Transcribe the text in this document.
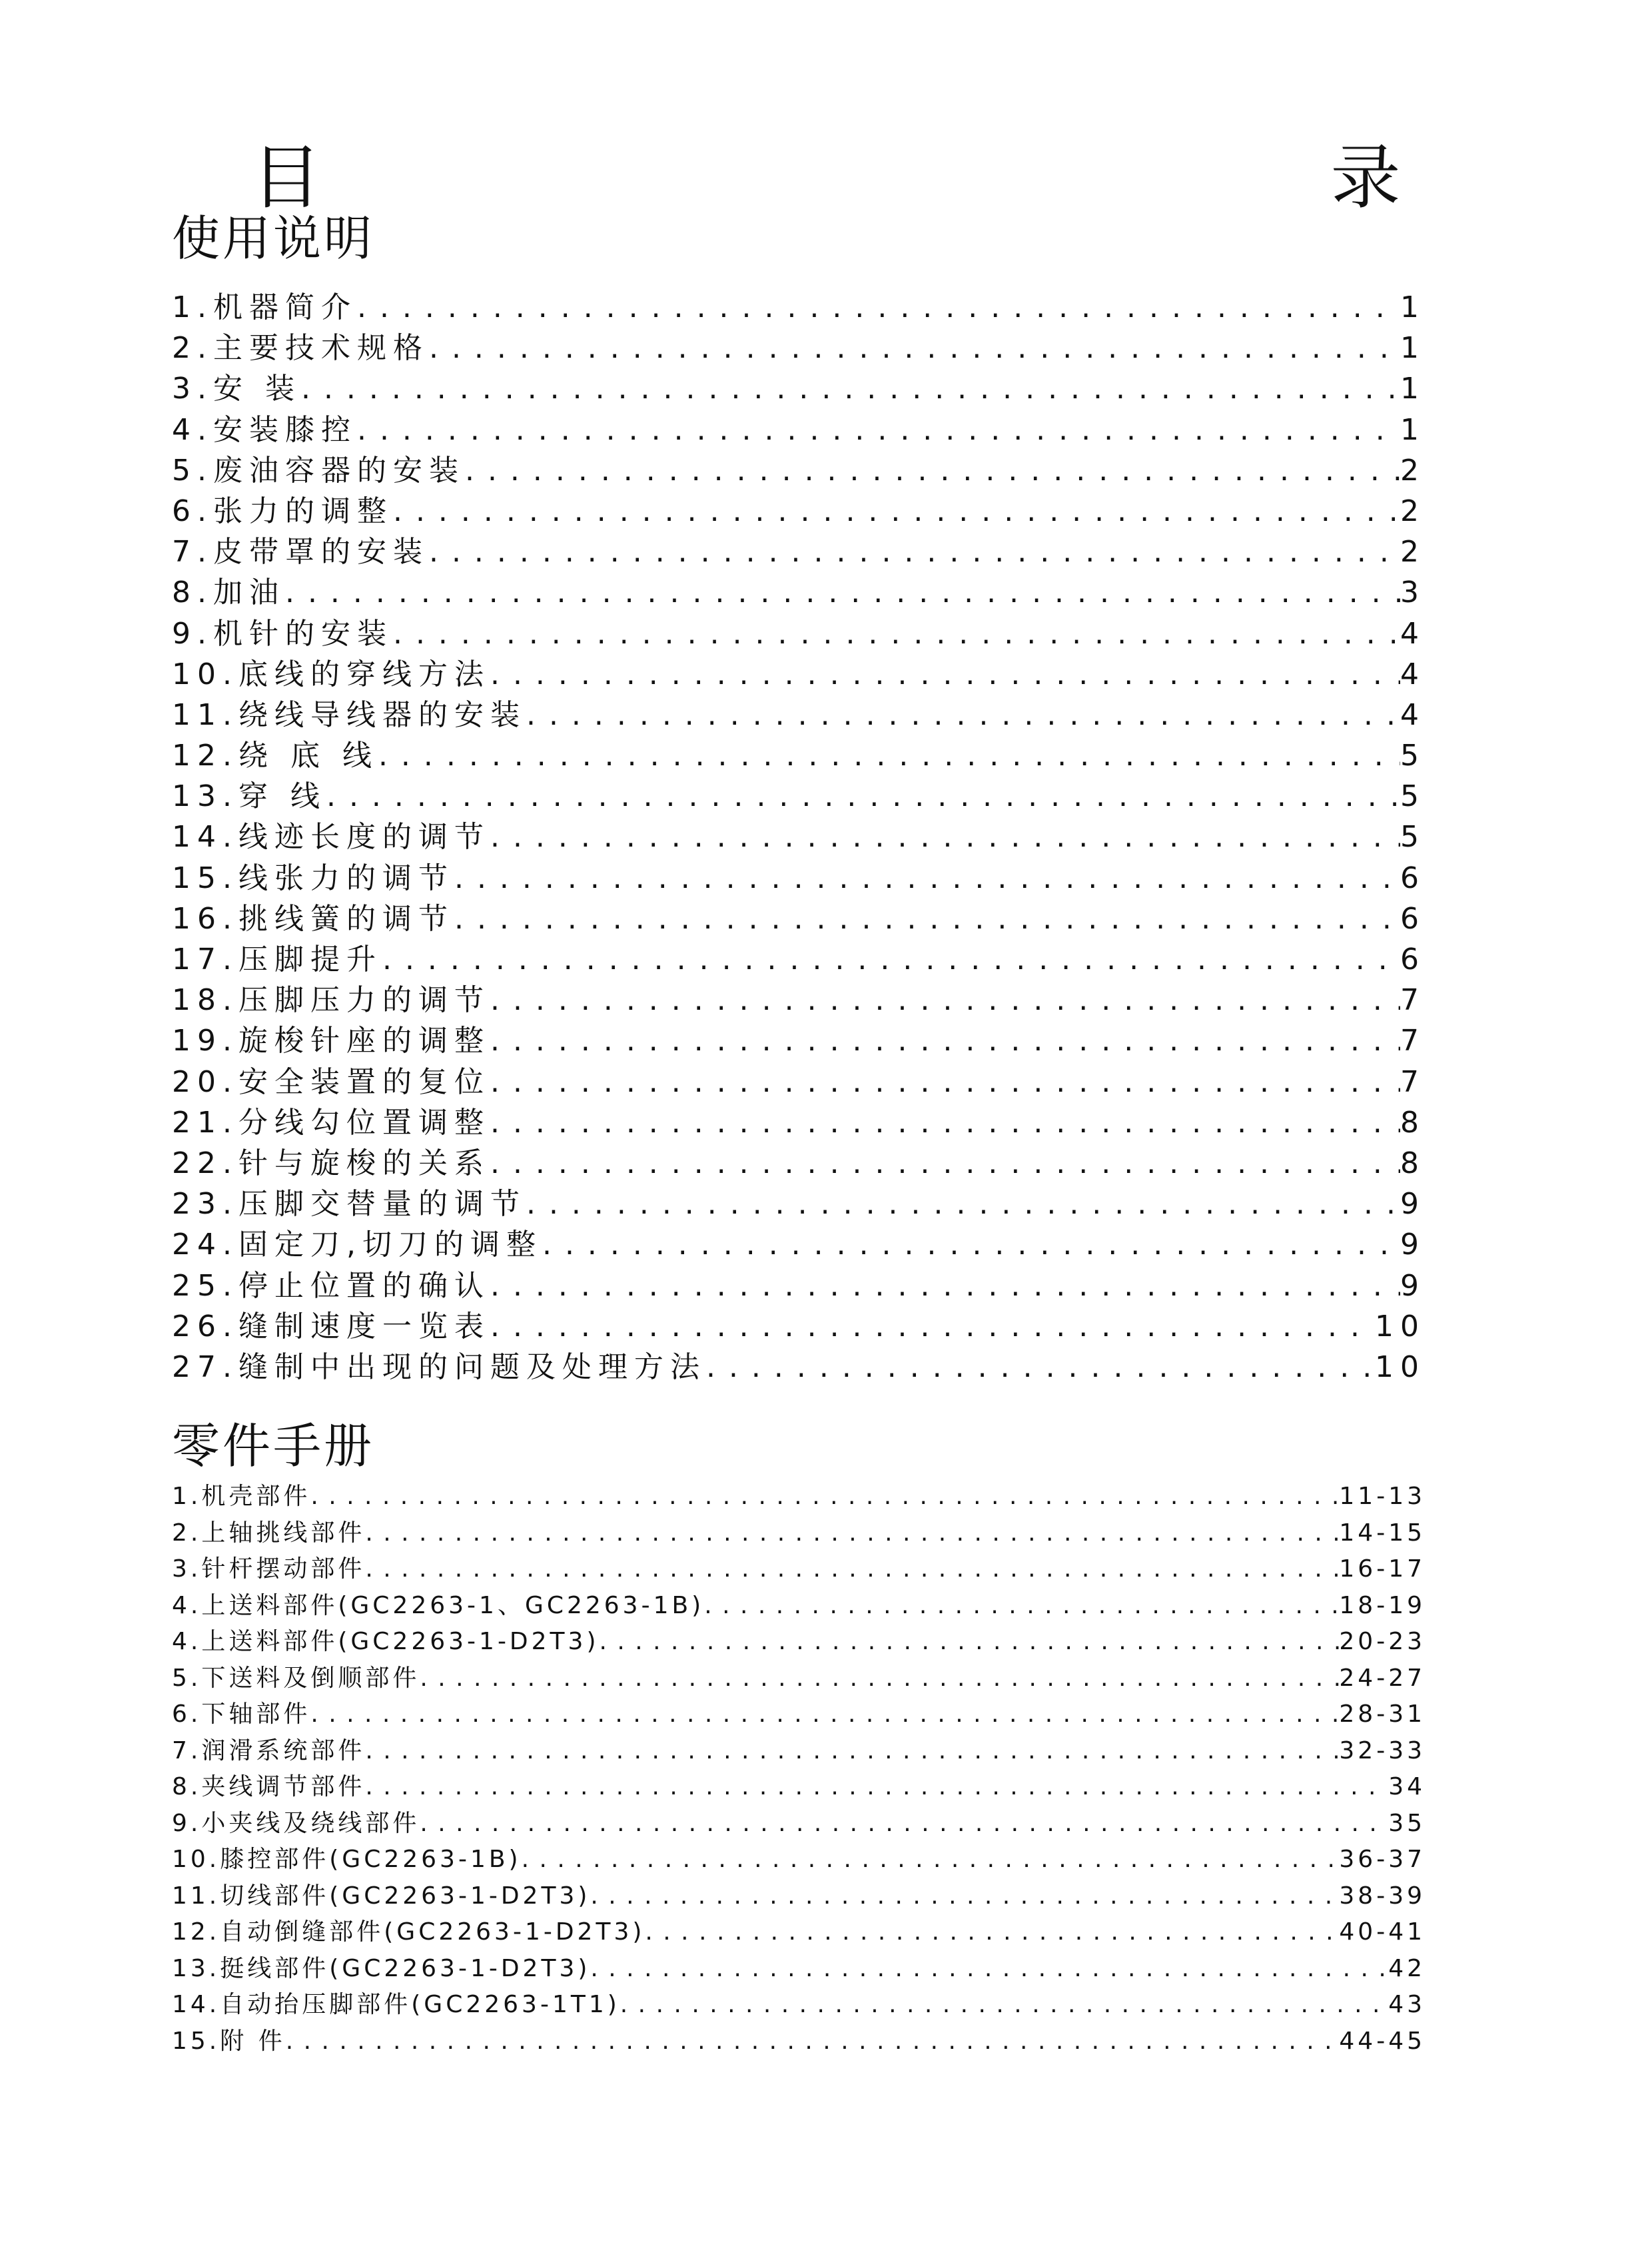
目　　　录
使用说明
1.机器简介 . . .	1
2.主要技术规格 . . .	1
3.安 装 . . .	1
4.安装膝控 . . .	1
5.废油容器的安装 . . .	2
6.张力的调整 . . .	2
7.皮带罩的安装 . . .	2
8.加油 . . .	3
9.机针的安装 . . .	4
10.底线的穿线方法 . . .	4
11.绕线导线器的安装 . . .	4
12.绕 底 线 . . .	5
13.穿 线 . . .	5
14.线迹长度的调节 . . .	5
15.线张力的调节 . . .	6
16.挑线簧的调节 . . .	6
17.压脚提升 . . .	6
18.压脚压力的调节 . . .	7
19.旋梭针座的调整 . . .	7
20.安全装置的复位 . . .	7
21.分线勾位置调整 . . .	8
22.针与旋梭的关系 . . .	8
23.压脚交替量的调节 . . .	9
24.固定刀,切刀的调整 . . .	9
25.停止位置的确认 . . .	9
26.缝制速度一览表 . . .	10
27.缝制中出现的问题及处理方法 . . .	10
零件手册
1.机壳部件 . . .	11-13
2.上轴挑线部件 . . .	14-15
3.针杆摆动部件 . . .	16-17
4.上送料部件(GC2263-1、GC2263-1B) . . .	18-19
4.上送料部件(GC2263-1-D2T3) . . .	20-23
5.下送料及倒顺部件 . . .	24-27
6.下轴部件 . . .	28-31
7.润滑系统部件 . . .	32-33
8.夹线调节部件 . . .	34
9.小夹线及绕线部件 . . .	35
10.膝控部件(GC2263-1B) . . .	36-37
11.切线部件(GC2263-1-D2T3) . . .	38-39
12.自动倒缝部件(GC2263-1-D2T3) . . .	40-41
13.挺线部件(GC2263-1-D2T3) . . .	42
14.自动抬压脚部件(GC2263-1T1) . . .	43
15.附 件 . . .	44-45
